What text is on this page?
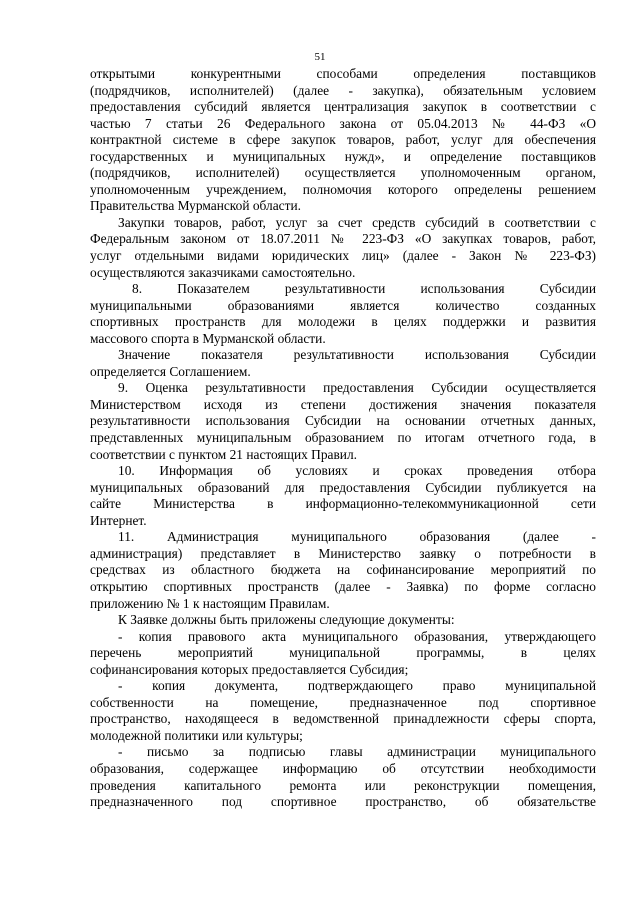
51
открытыми конкурентными способами определения поставщиков
(подрядчиков, исполнителей) (далее - закупка), обязательным условием
предоставления субсидий является централизация закупок в соответствии с
частью 7 статьи 26 Федерального закона от 05.04.2013 № 44-ФЗ «О
контрактной системе в сфере закупок товаров, работ, услуг для обеспечения
государственных и муниципальных нужд», и определение поставщиков
(подрядчиков, исполнителей) осуществляется уполномоченным органом,
уполномоченным учреждением, полномочия которого определены решением
Правительства Мурманской области.
Закупки товаров, работ, услуг за счет средств субсидий в соответствии с
Федеральным законом от 18.07.2011 № 223-ФЗ «О закупках товаров, работ,
услуг отдельными видами юридических лиц» (далее - Закон № 223-ФЗ)
осуществляются заказчиками самостоятельно.
8. Показателем результативности использования Субсидии
муниципальными образованиями является количество созданных
спортивных пространств для молодежи в целях поддержки и развития
массового спорта в Мурманской области.
Значение показателя результативности использования Субсидии
определяется Соглашением.
9. Оценка результативности предоставления Субсидии осуществляется
Министерством исходя из степени достижения значения показателя
результативности использования Субсидии на основании отчетных данных,
представленных муниципальным образованием по итогам отчетного года, в
соответствии с пунктом 21 настоящих Правил.
10. Информация об условиях и сроках проведения отбора
муниципальных образований для предоставления Субсидии публикуется на
сайте Министерства в информационно-телекоммуникационной сети
Интернет.
11. Администрация муниципального образования (далее -
администрация) представляет в Министерство заявку о потребности в
средствах из областного бюджета на софинансирование мероприятий по
открытию спортивных пространств (далее - Заявка) по форме согласно
приложению № 1 к настоящим Правилам.
К Заявке должны быть приложены следующие документы:
- копия правового акта муниципального образования, утверждающего
перечень мероприятий муниципальной программы, в целях
софинансирования которых предоставляется Субсидия;
- копия документа, подтверждающего право муниципальной
собственности на помещение, предназначенное под спортивное
пространство, находящееся в ведомственной принадлежности сферы спорта,
молодежной политики или культуры;
- письмо за подписью главы администрации муниципального
образования, содержащее информацию об отсутствии необходимости
проведения капитального ремонта или реконструкции помещения,
предназначенного под спортивное пространство, об обязательстве
